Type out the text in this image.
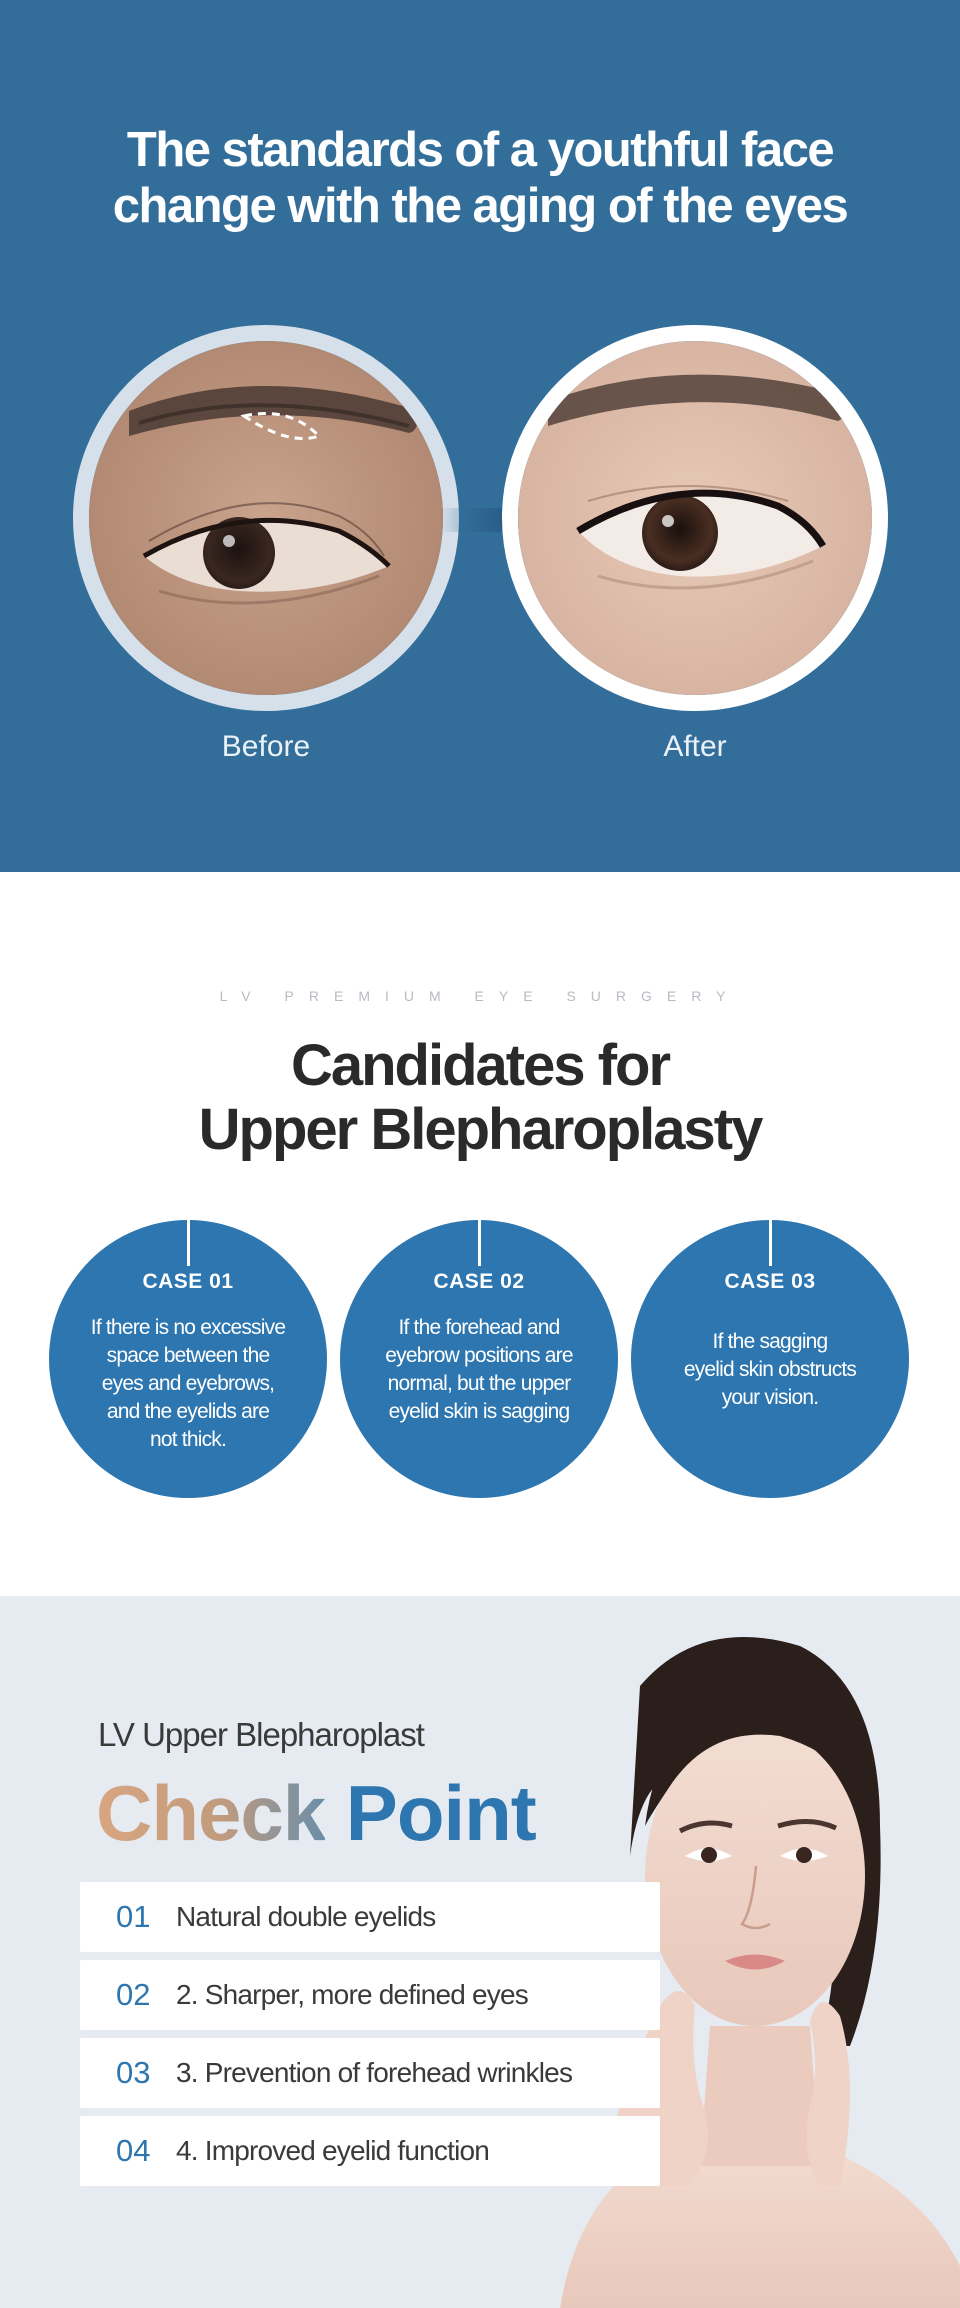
The standards of a youthful face
change with the aging of the eyes
Before	After
LV PREMIUM EYE SURGERY
Candidates for
Upper Blepharoplasty
CASE 01
If there is no excessive
space between the
eyes and eyebrows,
and the eyelids are
not thick.
CASE 02
If the forehead and
eyebrow positions are
normal, but the upper
eyelid skin is sagging
CASE 03
If the sagging
eyelid skin obstructs
your vision.
LV Upper Blepharoplast
Check Point
01 Natural double eyelids
02 2. Sharper, more defined eyes
03 3. Prevention of forehead wrinkles
04 4. Improved eyelid function
